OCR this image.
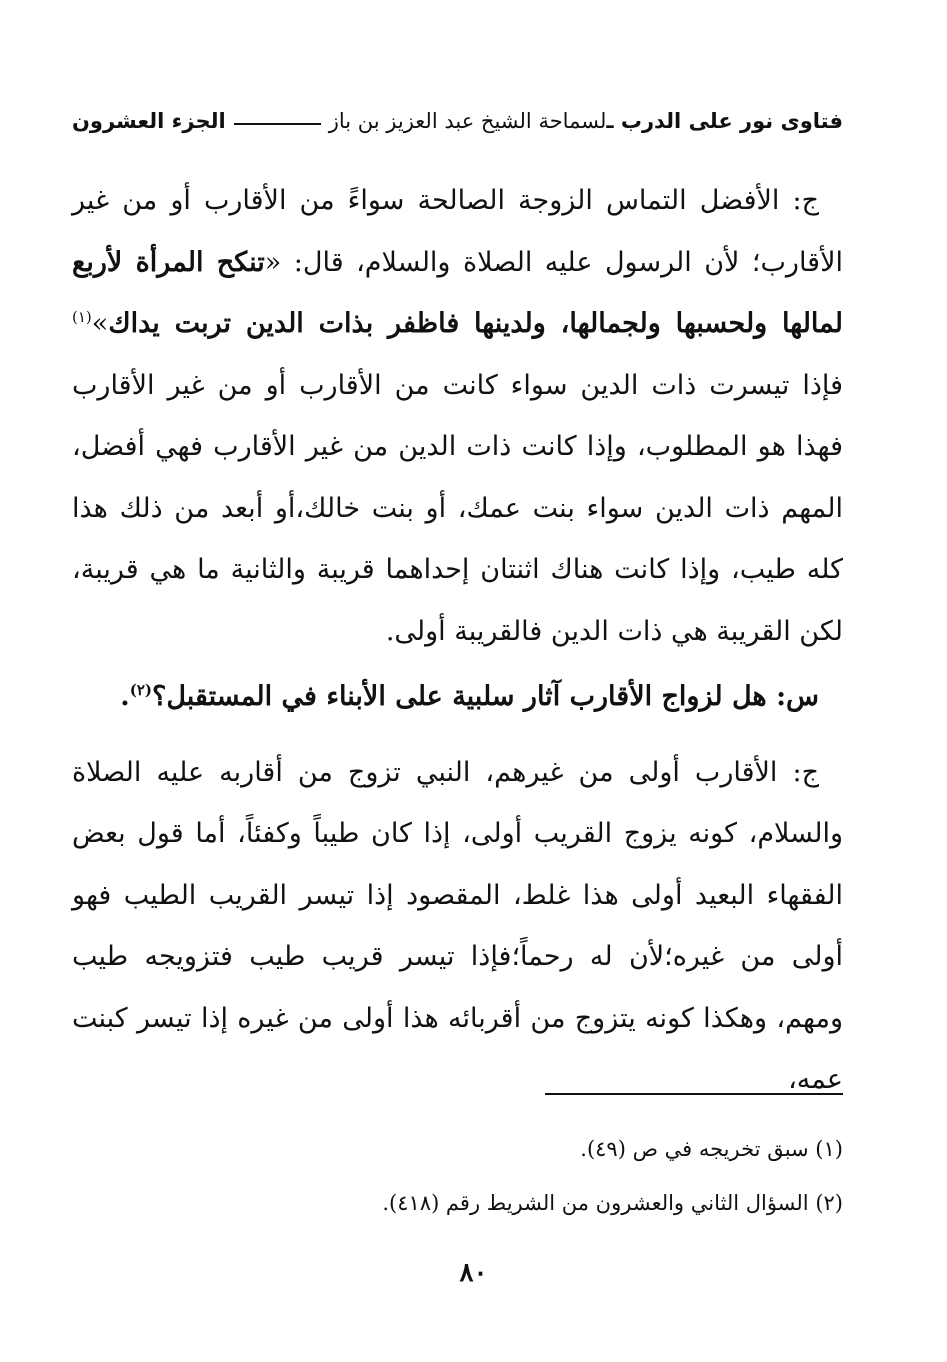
فتاوى نور على الدرب ـ
لسماحة الشيخ عبد العزيز بن باز
الجزء العشرون

ج: الأفضل التماس الزوجة الصالحة سواءً من الأقارب أو من غير الأقارب؛ لأن الرسول عليه الصلاة والسلام، قال: «تنكح المرأة لأربع لمالها ولحسبها ولجمالها، ولدينها فاظفر بذات الدين تربت يداك»$^{(١)}$ فإذا تيسرت ذات الدين سواء كانت من الأقارب أو من غير الأقارب فهذا هو المطلوب، وإذا كانت ذات الدين من غير الأقارب فهي أفضل، المهم ذات الدين سواء بنت عمك، أو بنت خالك،أو أبعد من ذلك هذا كله طيب، وإذا كانت هناك اثنتان إحداهما قريبة والثانية ما هي قريبة، لكن القريبة هي ذات الدين فالقريبة أولى.

س: هل لزواج الأقارب آثار سلبية على الأبناء في المستقبل؟$^{(٢)}$.

ج: الأقارب أولى من غيرهم، النبي تزوج من أقاربه عليه الصلاة والسلام، كونه يزوج القريب أولى، إذا كان طيباً وكفئاً، أما قول بعض الفقهاء البعيد أولى هذا غلط، المقصود إذا تيسر القريب الطيب فهو أولى من غيره؛لأن له رحماً؛فإذا تيسر قريب طيب فتزويجه طيب ومهم، وهكذا كونه يتزوج من أقربائه هذا أولى من غيره إذا تيسر كبنت عمه،

(١) سبق تخريجه في ص (٤٩).

(٢) السؤال الثاني والعشرون من الشريط رقم (٤١٨).

٨٠
